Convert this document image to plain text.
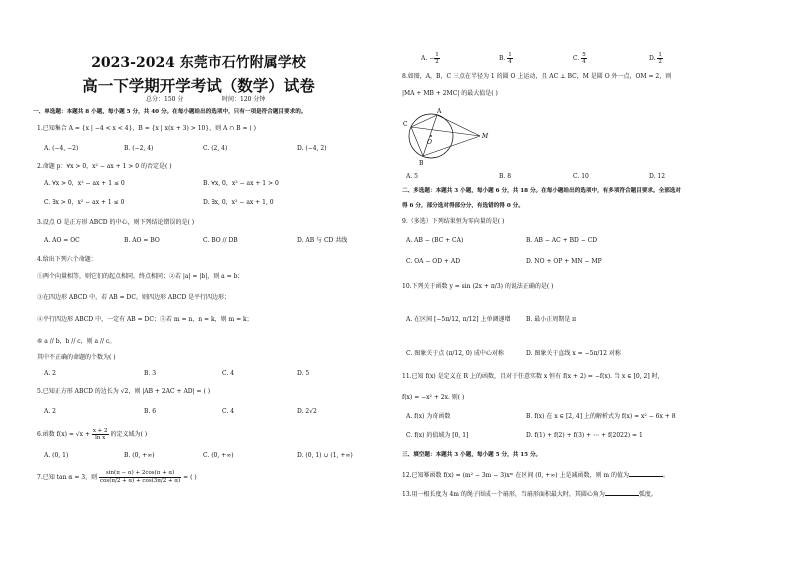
2023-2024 东莞市石竹附属学校
高一下学期开学考试（数学）试卷
总分：150 分	时间：120 分钟
一、单选题：本题共 8 小题，每小题 5 分，共 40 分。在每小题给出的选项中，只有一项是符合题目要求的。
1.已知集合 A = {x | −4 < x < 4}，B = {x | x(x + 3) > 10}，则 A ∩ B = ( )
A. (−4, −2)	B. (−2, 4)	C. (2, 4)	D. (−4, 2)
2.命题 p：∀x > 0，x² − ax + 1 > 0 的否定是( )
A. ∀x > 0，x² − ax + 1 ≤ 0	B. ∀x, 0，x² − ax + 1 > 0
C. ∃x > 0，x² − ax + 1 ≤ 0	D. ∃x, 0，x² − ax + 1, 0
3.设点 O 是正方形 ABCD 的中心，则下列结论错误的是( )
A. AO = OC	B. AO = BO	C. BO // DB	D. AB 与 CD 共线
4.给出下列六个命题：
①两个向量相等，则它们的起点相同，终点相同；②若 |a| = |b|，则 a = b；
③在四边形 ABCD 中，若 AB = DC，则四边形 ABCD 是平行四边形；
④平行四边形 ABCD 中，一定有 AB = DC；⑤若 m = n，n = k，则 m = k；
⑥ a // b，b // c，则 a // c。
其中不正确的命题的个数为( )
A. 2	B. 3	C. 4	D. 5
5.已知正方形 ABCD 的边长为 √2，则 |AB + 2AC + AD| = ( )
A. 2	B. 6	C. 4	D. 2√2
6.函数 $f(x) = √x + \frac{x + 2}{\text{ln x}}$ 的定义域为( )
A. (0, 1)	B. (0, +∞)	C. (0, +∞)	D. (0, 1) ∪ (1, +∞)
7.已知 tan α = 3，则 $\frac{\sin(\pi - \alpha) + 2\cos(\pi + \alpha)}{\cos(\pi/2 + \alpha) + \cos(3\pi/2 + \alpha)}$ = ( )
A. − $\frac{1}{2}$	B. $\frac{1}{4}$	C. $\frac{5}{4}$	D. $\frac{1}{2}$
8.如图，A，B，C 三点在半径为 1 的圆 O 上运动，且 AC ⊥ BC，M 是圆 O 外一点，OM = 2，则
|MA + MB + 2MC| 的最大值是( )
A
C
B
O
M
A. 5	B. 8	C. 10	D. 12
二、多选题：本题共 3 小题，每小题 6 分，共 18 分。在每小题给出的选项中，有多项符合题目要求。全部选对
得 6 分，部分选对得部分分，有选错的得 0 分。
9.（多选）下列结果恒为零向量的是( )
A. AB − (BC + CA)	B. AB − AC + BD − CD
C. OA − OD + AD	D. NO + OP + MN − MP
10.下列关于函数 y = sin (2x + π/3) 的说法正确的是( )
A. 在区间 [−5π/12, π/12] 上单调递增	B. 最小正周期是 π
C. 图象关于点 (π/12, 0) 成中心对称	D. 图象关于直线 x = −5π/12 对称
11.已知 f(x) 是定义在 R 上的函数，且对于任意实数 x 恒有 f(x + 2) = −f(x). 当 x ∈ [0, 2] 时，
f(x) = −x² + 2x. 则( )
A. f(x) 为奇函数	B. f(x) 在 x ∈ [2, 4] 上的解析式为 f(x) = x² − 6x + 8
C. f(x) 的值域为 [0, 1]	D. f(1) + f(2) + f(3) + ⋯ + f(2022) = 1
三、填空题：本题共 3 小题，每小题 5 分，共 15 分。
12.已知幂函数 f(x) = (m² − 3m − 3)xᵐ 在区间 (0, +∞) 上是减函数，则 m 的值为	。
13.用一根长度为 4m 的绳子围成一个扇形，当扇形面积最大时，其圆心角为	弧度。
